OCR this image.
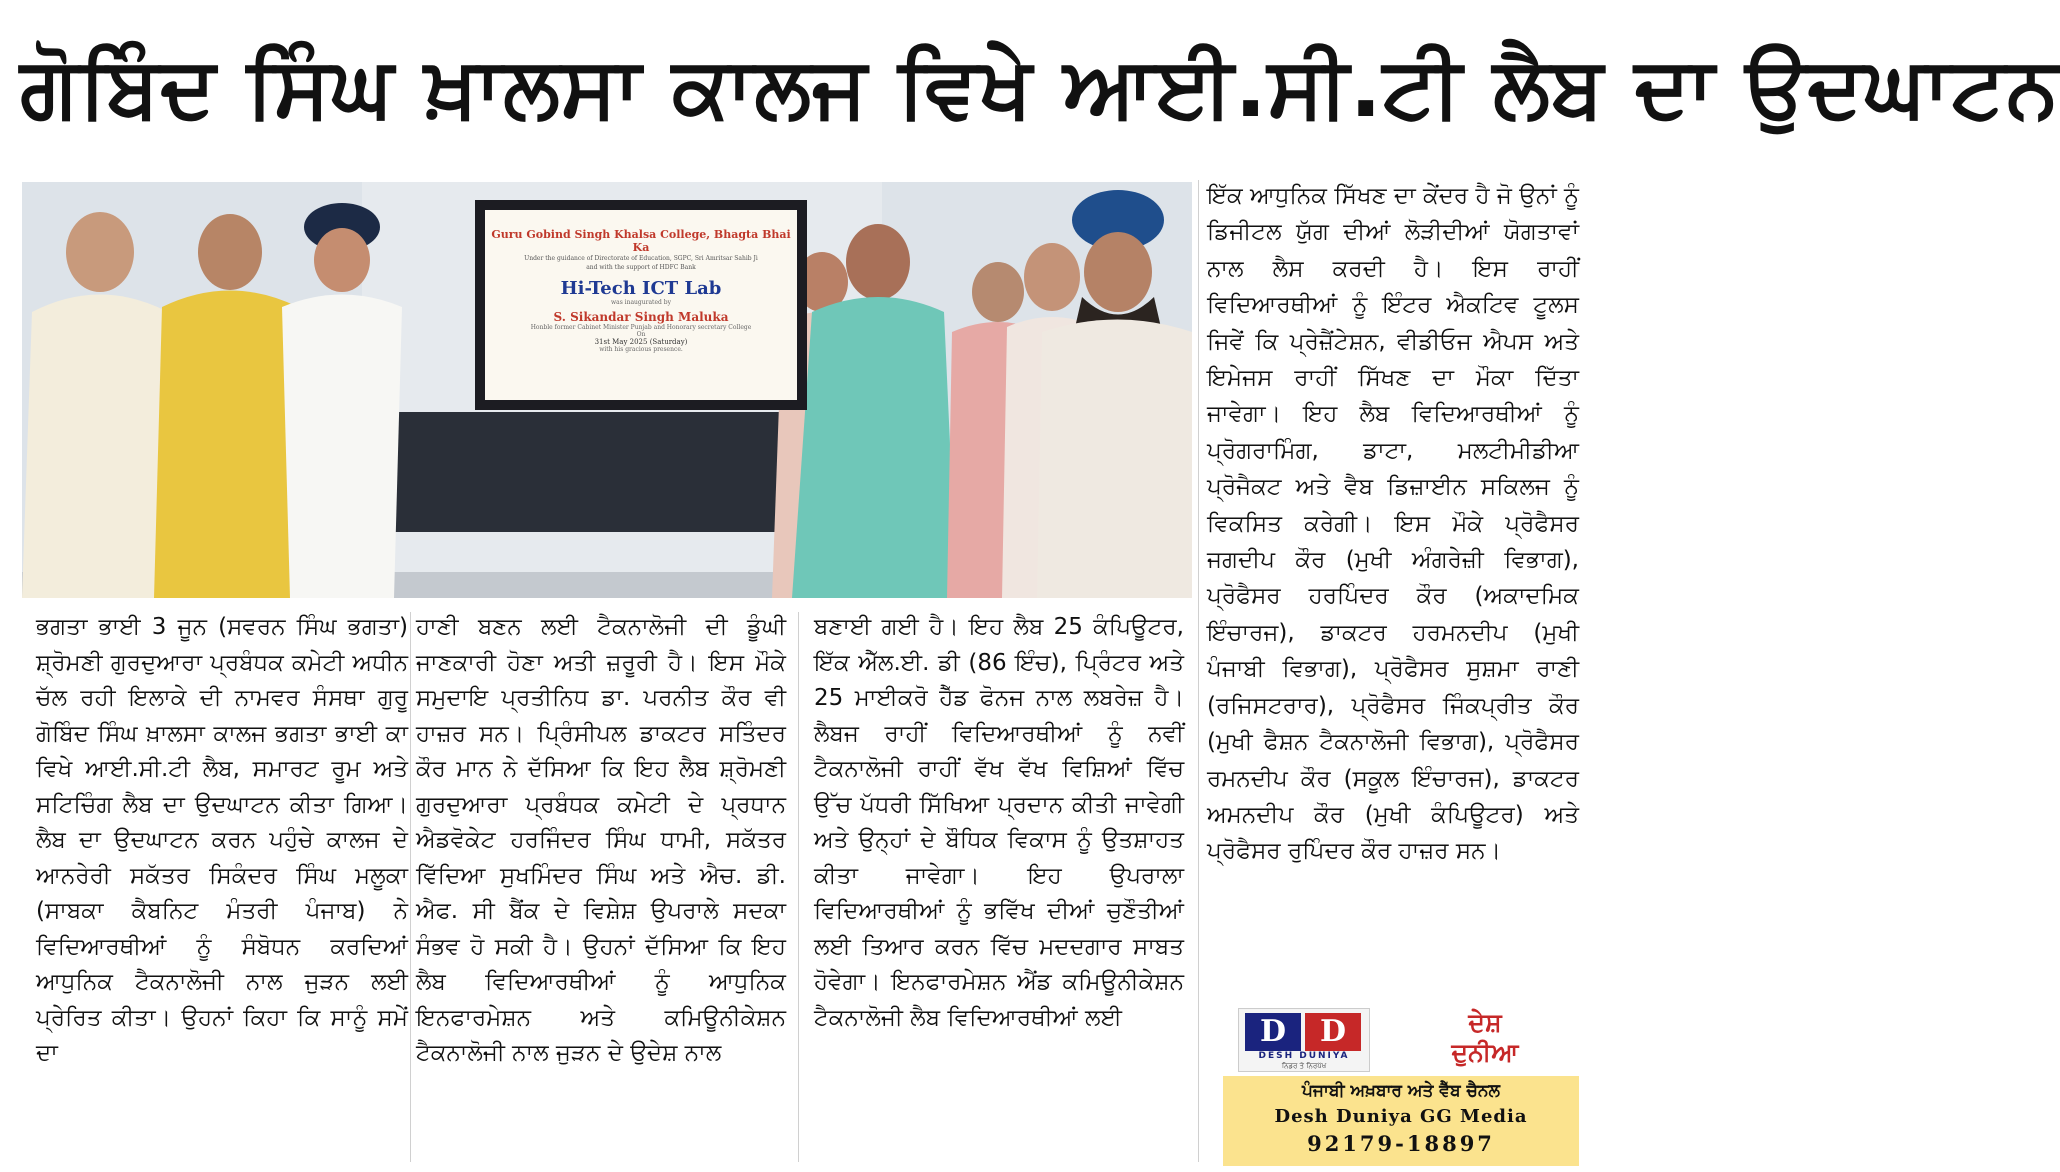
ਗੋਬਿੰਦ ਸਿੰਘ ਖ਼ਾਲਸਾ ਕਾਲਜ ਵਿਖੇ ਆਈ.ਸੀ.ਟੀ ਲੈਬ ਦਾ ਉਦਘਾਟਨ
Guru Gobind Singh Khalsa College, Bhagta Bhai Ka
Under the guidance of Directorate of Education, SGPC, Sri Amritsar Sahib Ji
and with the support of HDFC Bank
Hi-Tech ICT Lab
was inaugurated by
S. Sikandar Singh Maluka
Honble former Cabinet Minister Punjab and Honorary secretary College
On
31st May 2025 (Saturday)
with his gracious presence.
ਭਗਤਾ ਭਾਈ 3 ਜੂਨ (ਸਵਰਨ ਸਿੰਘ ਭਗਤਾ) ਸ਼੍ਰੋਮਣੀ ਗੁਰਦੁਆਰਾ ਪ੍ਰਬੰਧਕ ਕਮੇਟੀ ਅਧੀਨ ਚੱਲ ਰਹੀ ਇਲਾਕੇ ਦੀ ਨਾਮਵਰ ਸੰਸਥਾ ਗੁਰੂ ਗੋਬਿੰਦ ਸਿੰਘ ਖ਼ਾਲਸਾ ਕਾਲਜ ਭਗਤਾ ਭਾਈ ਕਾ ਵਿਖੇ ਆਈ.ਸੀ.ਟੀ ਲੈਬ, ਸਮਾਰਟ ਰੂਮ ਅਤੇ ਸਟਿਚਿੰਗ ਲੈਬ ਦਾ ਉਦਘਾਟਨ ਕੀਤਾ ਗਿਆ। ਲੈਬ ਦਾ ਉਦਘਾਟਨ ਕਰਨ ਪਹੁੰਚੇ ਕਾਲਜ ਦੇ ਆਨਰੇਰੀ ਸਕੱਤਰ ਸਿਕੰਦਰ ਸਿੰਘ ਮਲੂਕਾ (ਸਾਬਕਾ ਕੈਬਨਿਟ ਮੰਤਰੀ ਪੰਜਾਬ) ਨੇ ਵਿਦਿਆਰਥੀਆਂ ਨੂੰ ਸੰਬੋਧਨ ਕਰਦਿਆਂ ਆਧੁਨਿਕ ਟੈਕਨਾਲੋਜੀ ਨਾਲ ਜੁੜਨ ਲਈ ਪ੍ਰੇਰਿਤ ਕੀਤਾ। ਉਹਨਾਂ ਕਿਹਾ ਕਿ ਸਾਨੂੰ ਸਮੇਂ ਦਾ
ਹਾਣੀ ਬਣਨ ਲਈ ਟੈਕਨਾਲੋਜੀ ਦੀ ਡੂੰਘੀ ਜਾਣਕਾਰੀ ਹੋਣਾ ਅਤੀ ਜ਼ਰੂਰੀ ਹੈ। ਇਸ ਮੌਕੇ ਸਮੁਦਾਇ ਪ੍ਰਤੀਨਿਧ ਡਾ. ਪਰਨੀਤ ਕੌਰ ਵੀ ਹਾਜ਼ਰ ਸਨ। ਪ੍ਰਿੰਸੀਪਲ ਡਾਕਟਰ ਸਤਿੰਦਰ ਕੌਰ ਮਾਨ ਨੇ ਦੱਸਿਆ ਕਿ ਇਹ ਲੈਬ ਸ਼੍ਰੋਮਣੀ ਗੁਰਦੁਆਰਾ ਪ੍ਰਬੰਧਕ ਕਮੇਟੀ ਦੇ ਪ੍ਰਧਾਨ ਐਡਵੋਕੇਟ ਹਰਜਿੰਦਰ ਸਿੰਘ ਧਾਮੀ, ਸਕੱਤਰ ਵਿੱਦਿਆ ਸੁਖਮਿੰਦਰ ਸਿੰਘ ਅਤੇ ਐਚ. ਡੀ. ਐਫ. ਸੀ ਬੈਂਕ ਦੇ ਵਿਸ਼ੇਸ਼ ਉਪਰਾਲੇ ਸਦਕਾ ਸੰਭਵ ਹੋ ਸਕੀ ਹੈ। ਉਹਨਾਂ ਦੱਸਿਆ ਕਿ ਇਹ ਲੈਬ ਵਿਦਿਆਰਥੀਆਂ ਨੂੰ ਆਧੁਨਿਕ ਇਨਫਾਰਮੇਸ਼ਨ ਅਤੇ ਕਮਿਊਨੀਕੇਸ਼ਨ ਟੈਕਨਾਲੋਜੀ ਨਾਲ ਜੁੜਨ ਦੇ ਉਦੇਸ਼ ਨਾਲ
ਬਣਾਈ ਗਈ ਹੈ। ਇਹ ਲੈਬ 25 ਕੰਪਿਊਟਰ, ਇੱਕ ਐੱਲ.ਈ. ਡੀ (86 ਇੰਚ), ਪ੍ਰਿੰਟਰ ਅਤੇ 25 ਮਾਈਕਰੋ ਹੈੱਡ ਫੋਨਜ ਨਾਲ ਲਬਰੇਜ਼ ਹੈ। ਲੈਬਜ ਰਾਹੀਂ ਵਿਦਿਆਰਥੀਆਂ ਨੂੰ ਨਵੀਂ ਟੈਕਨਾਲੋਜੀ ਰਾਹੀਂ ਵੱਖ ਵੱਖ ਵਿਸ਼ਿਆਂ ਵਿੱਚ ਉੱਚ ਪੱਧਰੀ ਸਿੱਖਿਆ ਪ੍ਰਦਾਨ ਕੀਤੀ ਜਾਵੇਗੀ ਅਤੇ ਉਨ੍ਹਾਂ ਦੇ ਬੌਧਿਕ ਵਿਕਾਸ ਨੂੰ ਉਤਸ਼ਾਹਤ ਕੀਤਾ ਜਾਵੇਗਾ। ਇਹ ਉਪਰਾਲਾ ਵਿਦਿਆਰਥੀਆਂ ਨੂੰ ਭਵਿੱਖ ਦੀਆਂ ਚੁਣੌਤੀਆਂ ਲਈ ਤਿਆਰ ਕਰਨ ਵਿੱਚ ਮਦਦਗਾਰ ਸਾਬਤ ਹੋਵੇਗਾ। ਇਨਫਾਰਮੇਸ਼ਨ ਐਂਡ ਕਮਿਊਨੀਕੇਸ਼ਨ ਟੈਕਨਾਲੋਜੀ ਲੈਬ ਵਿਦਿਆਰਥੀਆਂ ਲਈ
ਇੱਕ ਆਧੁਨਿਕ ਸਿੱਖਣ ਦਾ ਕੇਂਦਰ ਹੈ ਜੋ ਉਨਾਂ ਨੂੰ ਡਿਜੀਟਲ ਯੁੱਗ ਦੀਆਂ ਲੋੜੀਦੀਆਂ ਯੋਗਤਾਵਾਂ ਨਾਲ ਲੈਸ ਕਰਦੀ ਹੈ। ਇਸ ਰਾਹੀਂ ਵਿਦਿਆਰਥੀਆਂ ਨੂੰ ਇੰਟਰ ਐਕਟਿਵ ਟੂਲਸ ਜਿਵੇਂ ਕਿ ਪ੍ਰੇਜ਼ੈਂਟੇਸ਼ਨ, ਵੀਡੀਓਜ ਐਪਸ ਅਤੇ ਇਮੇਜਸ ਰਾਹੀਂ ਸਿੱਖਣ ਦਾ ਮੌਕਾ ਦਿੱਤਾ ਜਾਵੇਗਾ। ਇਹ ਲੈਬ ਵਿਦਿਆਰਥੀਆਂ ਨੂੰ ਪ੍ਰੋਗਰਾਮਿੰਗ, ਡਾਟਾ, ਮਲਟੀਮੀਡੀਆ ਪ੍ਰੋਜੈਕਟ ਅਤੇ ਵੈਬ ਡਿਜ਼ਾਈਨ ਸਕਿਲਜ ਨੂੰ ਵਿਕਸਿਤ ਕਰੇਗੀ। ਇਸ ਮੌਕੇ ਪ੍ਰੋਫੈਸਰ ਜਗਦੀਪ ਕੌਰ (ਮੁਖੀ ਅੰਗਰੇਜ਼ੀ ਵਿਭਾਗ), ਪ੍ਰੋਫੈਸਰ ਹਰਪਿੰਦਰ ਕੌਰ (ਅਕਾਦਮਿਕ ਇੰਚਾਰਜ), ਡਾਕਟਰ ਹਰਮਨਦੀਪ (ਮੁਖੀ ਪੰਜਾਬੀ ਵਿਭਾਗ), ਪ੍ਰੋਫੈਸਰ ਸੁਸ਼ਮਾ ਰਾਣੀ (ਰਜਿਸਟਰਾਰ), ਪ੍ਰੋਫੈਸਰ ਜਿੰਕਪ੍ਰੀਤ ਕੌਰ (ਮੁਖੀ ਫੈਸ਼ਨ ਟੈਕਨਾਲੋਜੀ ਵਿਭਾਗ), ਪ੍ਰੋਫੈਸਰ ਰਮਨਦੀਪ ਕੌਰ (ਸਕੂਲ ਇੰਚਾਰਜ), ਡਾਕਟਰ ਅਮਨਦੀਪ ਕੌਰ (ਮੁਖੀ ਕੰਪਿਊਟਰ) ਅਤੇ ਪ੍ਰੋਫੈਸਰ ਰੁਪਿੰਦਰ ਕੌਰ ਹਾਜ਼ਰ ਸਨ।
D	D
DESH DUNIYA
ਨਿਡਰ ਤੇ ਨਿਰਪੱਖ
ਦੇਸ਼
ਦੁਨੀਆ
ਪੰਜਾਬੀ ਅਖ਼ਬਾਰ ਅਤੇ ਵੈੱਬ ਚੈਨਲ
Desh Duniya GG Media
92179-18897
